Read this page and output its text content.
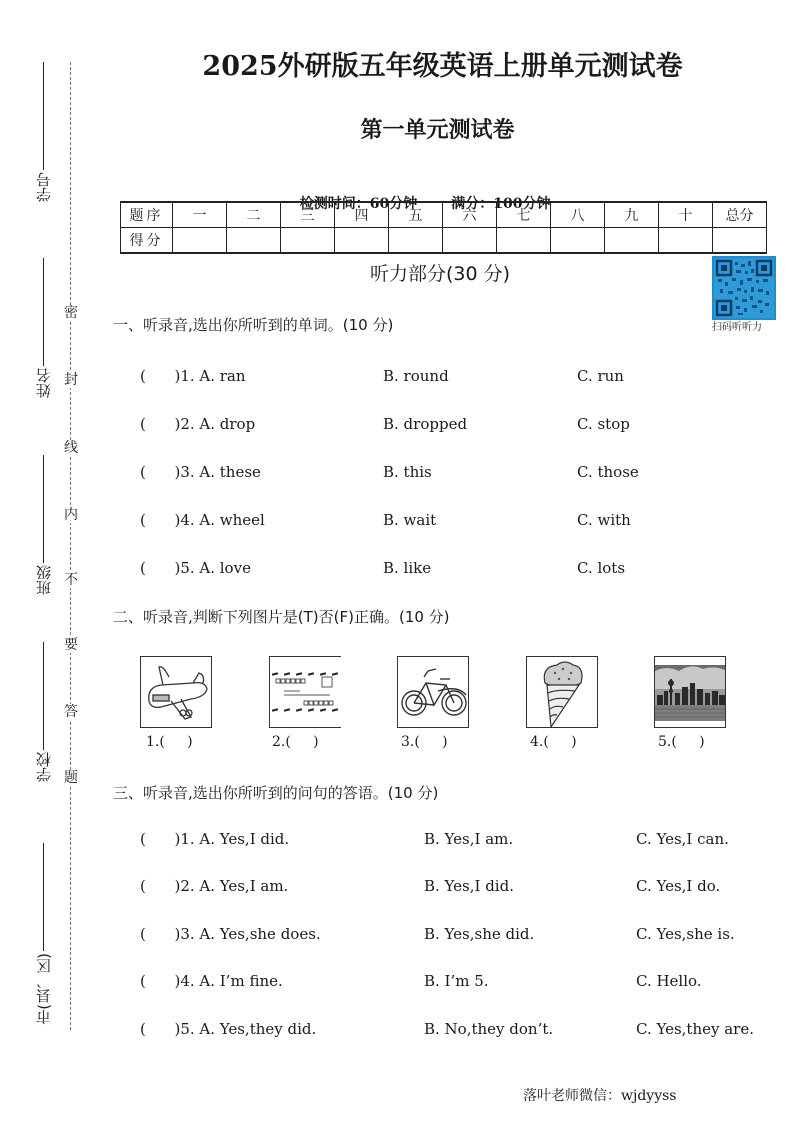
学号
姓名
班级
学校
市(县、区)
密
封
线
内
不
要
答
题
2025外研版五年级英语上册单元测试卷
第一单元测试卷

检测时间：60分钟 满分：100分钟

题序	一	二	三	四	五	六	七	八	九	十	总分
得分											
听力部分(30 分)
扫码听听力
一、听录音,选出你所听到的单词。(10 分)
(      )1. A. ran	B. round	C. run
(      )2. A. drop	B. dropped	C. stop
(      )3. A. these	B. this	C. those
(      )4. A. wheel	B. wait	C. with
(      )5. A. love	B. like	C. lots
二、听录音,判断下列图片是(T)否(F)正确。(10 分)
1.(     )	2.(     )	3.(     )	4.(     )	5.(     )
三、听录音,选出你所听到的问句的答语。(10 分)
(      )1. A. Yes,I did.	B. Yes,I am.	C. Yes,I can.
(      )2. A. Yes,I am.	B. Yes,I did.	C. Yes,I do.
(      )3. A. Yes,she does.	B. Yes,she did.	C. Yes,she is.
(      )4. A. I’m fine.	B. I’m 5.	C. Hello.
(      )5. A. Yes,they did.	B. No,they don’t.	C. Yes,they are.
落叶老师微信：wjdyyss
